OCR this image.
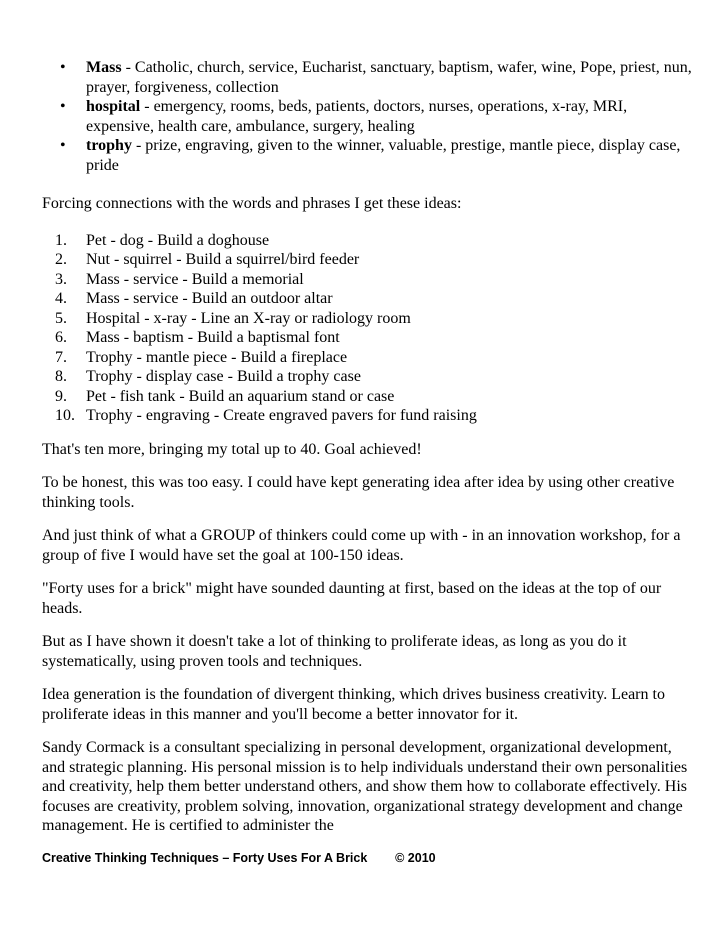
• Mass - Catholic, church, service, Eucharist, sanctuary, baptism, wafer, wine, Pope, priest, nun, prayer, forgiveness, collection
• hospital - emergency, rooms, beds, patients, doctors, nurses, operations, x-ray, MRI, expensive, health care, ambulance, surgery, healing
• trophy - prize, engraving, given to the winner, valuable, prestige, mantle piece, display case, pride

Forcing connections with the words and phrases I get these ideas:

1. Pet - dog - Build a doghouse
2. Nut - squirrel - Build a squirrel/bird feeder
3. Mass - service - Build a memorial
4. Mass - service - Build an outdoor altar
5. Hospital - x-ray - Line an X-ray or radiology room
6. Mass - baptism - Build a baptismal font
7. Trophy - mantle piece - Build a fireplace
8. Trophy - display case - Build a trophy case
9. Pet - fish tank - Build an aquarium stand or case
10. Trophy - engraving - Create engraved pavers for fund raising

That's ten more, bringing my total up to 40. Goal achieved!

To be honest, this was too easy. I could have kept generating idea after idea by using other creative thinking tools.

And just think of what a GROUP of thinkers could come up with - in an innovation workshop, for a group of five I would have set the goal at 100-150 ideas.

"Forty uses for a brick" might have sounded daunting at first, based on the ideas at the top of our heads.

But as I have shown it doesn't take a lot of thinking to proliferate ideas, as long as you do it systematically, using proven tools and techniques.

Idea generation is the foundation of divergent thinking, which drives business creativity. Learn to proliferate ideas in this manner and you'll become a better innovator for it.

Sandy Cormack is a consultant specializing in personal development, organizational development, and strategic planning. His personal mission is to help individuals understand their own personalities and creativity, help them better understand others, and show them how to collaborate effectively. His focuses are creativity, problem solving, innovation, organizational strategy development and change management. He is certified to administer the

Creative Thinking Techniques – Forty Uses For A Brick © 2010
